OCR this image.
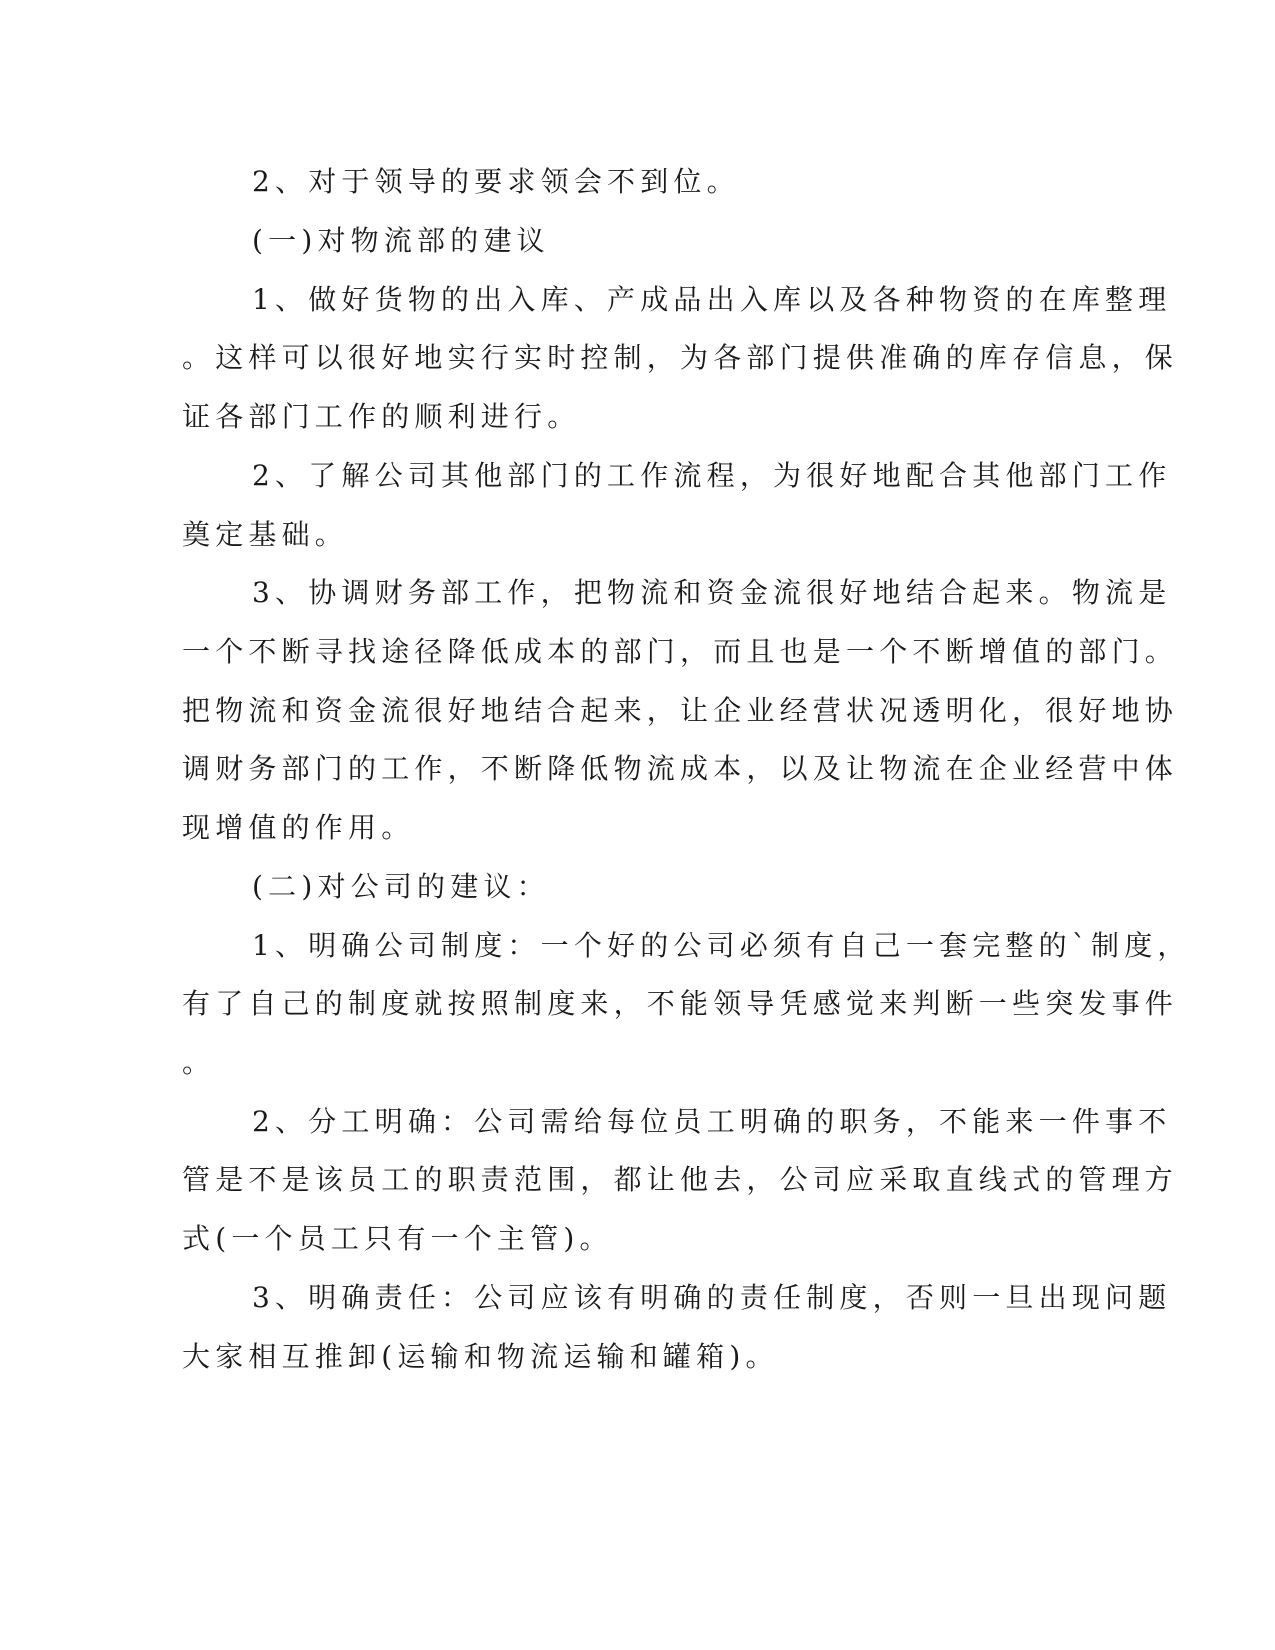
2、对于领导的要求领会不到位。
(一)对物流部的建议
1、做好货物的出入库、产成品出入库以及各种物资的在库整理
。这样可以很好地实行实时控制，为各部门提供准确的库存信息，保
证各部门工作的顺利进行。
2、了解公司其他部门的工作流程，为很好地配合其他部门工作
奠定基础。
3、协调财务部工作，把物流和资金流很好地结合起来。物流是
一个不断寻找途径降低成本的部门，而且也是一个不断增值的部门。
把物流和资金流很好地结合起来，让企业经营状况透明化，很好地协
调财务部门的工作，不断降低物流成本，以及让物流在企业经营中体
现增值的作用。
(二)对公司的建议：
1、明确公司制度：一个好的公司必须有自己一套完整的`制度，
有了自己的制度就按照制度来，不能领导凭感觉来判断一些突发事件
。
2、分工明确：公司需给每位员工明确的职务，不能来一件事不
管是不是该员工的职责范围，都让他去，公司应采取直线式的管理方
式(一个员工只有一个主管)。
3、明确责任：公司应该有明确的责任制度，否则一旦出现问题
大家相互推卸(运输和物流运输和罐箱)。
